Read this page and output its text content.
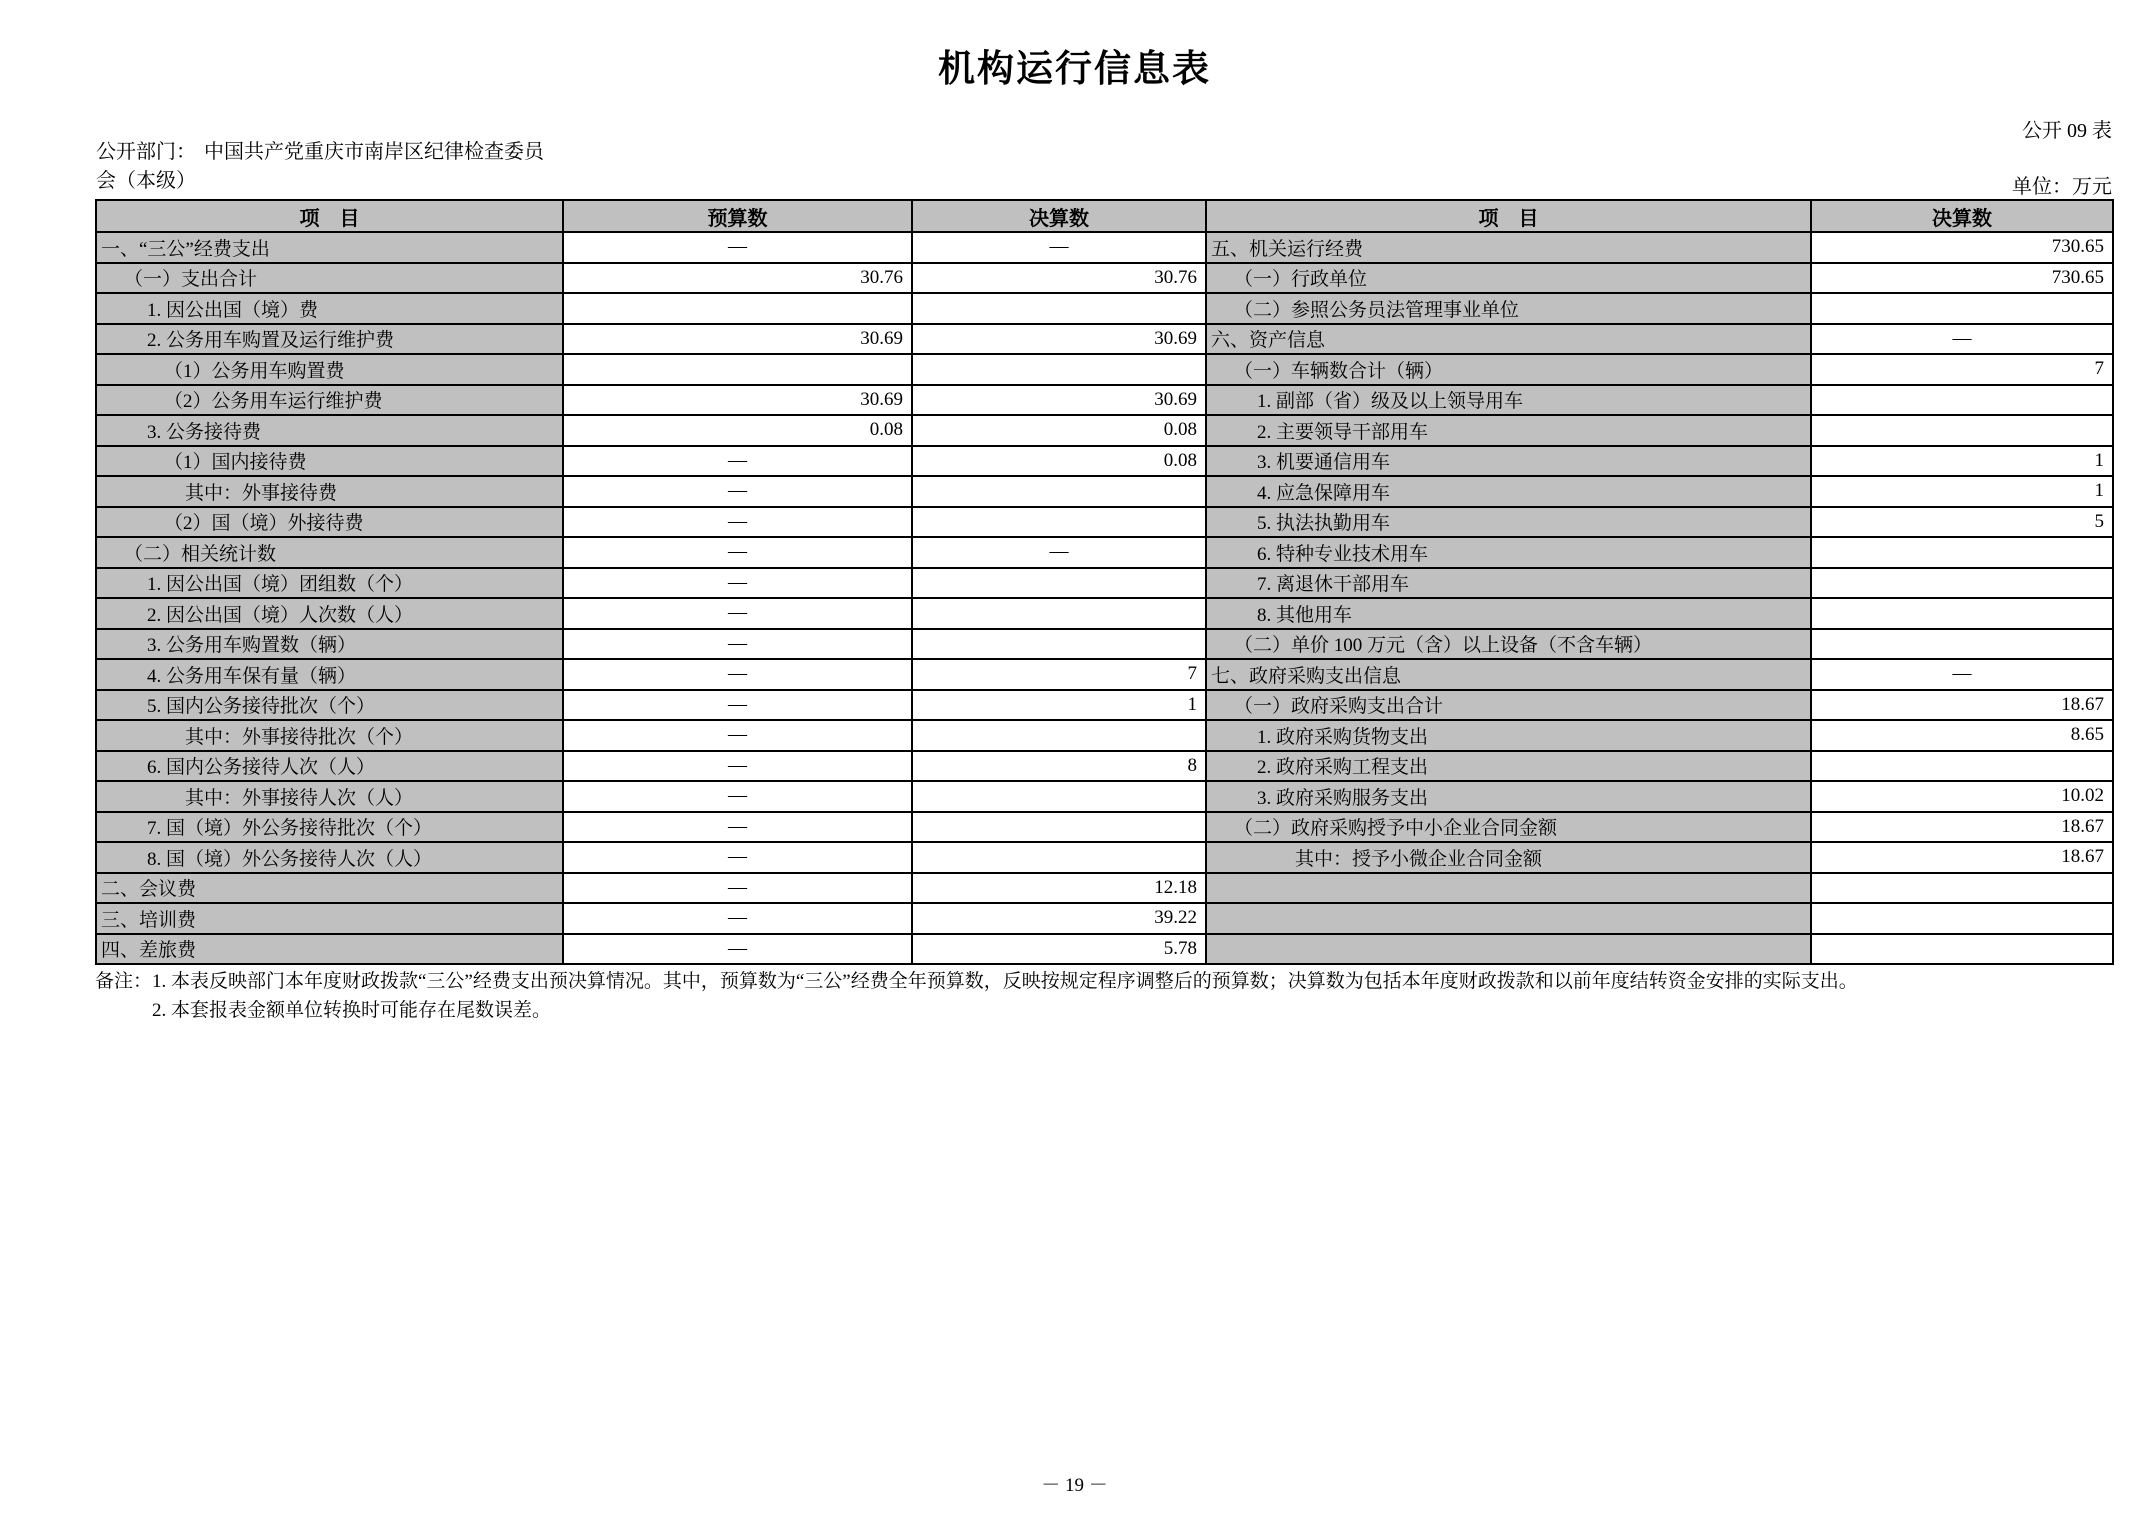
机构运行信息表
公开 09 表
公开部门： 中国共产党重庆市南岸区纪律检查委员会（本级）	单位：万元
项　目	预算数	决算数	项　目	决算数
一、“三公”经费支出	—	—	五、机关运行经费	730.65
（一）支出合计	30.76	30.76	（一）行政单位	730.65
1. 因公出国（境）费			（二）参照公务员法管理事业单位	
2. 公务用车购置及运行维护费	30.69	30.69	六、资产信息	—
（1）公务用车购置费			（一）车辆数合计（辆）	7
（2）公务用车运行维护费	30.69	30.69	1. 副部（省）级及以上领导用车	
3. 公务接待费	0.08	0.08	2. 主要领导干部用车	
（1）国内接待费	—	0.08	3. 机要通信用车	1
其中：外事接待费	—		4. 应急保障用车	1
（2）国（境）外接待费	—		5. 执法执勤用车	5
（二）相关统计数	—	—	6. 特种专业技术用车	
1. 因公出国（境）团组数（个）	—		7. 离退休干部用车	
2. 因公出国（境）人次数（人）	—		8. 其他用车	
3. 公务用车购置数（辆）	—		（二）单价 100 万元（含）以上设备（不含车辆）	
4. 公务用车保有量（辆）	—	7	七、政府采购支出信息	—
5. 国内公务接待批次（个）	—	1	（一）政府采购支出合计	18.67
其中：外事接待批次（个）	—		1. 政府采购货物支出	8.65
6. 国内公务接待人次（人）	—	8	2. 政府采购工程支出	
其中：外事接待人次（人）	—		3. 政府采购服务支出	10.02
7. 国（境）外公务接待批次（个）	—		（二）政府采购授予中小企业合同金额	18.67
8. 国（境）外公务接待人次（人）	—		其中：授予小微企业合同金额	18.67
二、会议费	—	12.18		
三、培训费	—	39.22		
四、差旅费	—	5.78		
备注：1. 本表反映部门本年度财政拨款“三公”经费支出预决算情况。其中，预算数为“三公”经费全年预算数，反映按规定程序调整后的预算数；决算数为包括本年度财政拨款和以前年度结转资金安排的实际支出。
2. 本套报表金额单位转换时可能存在尾数误差。
－ 19 －
